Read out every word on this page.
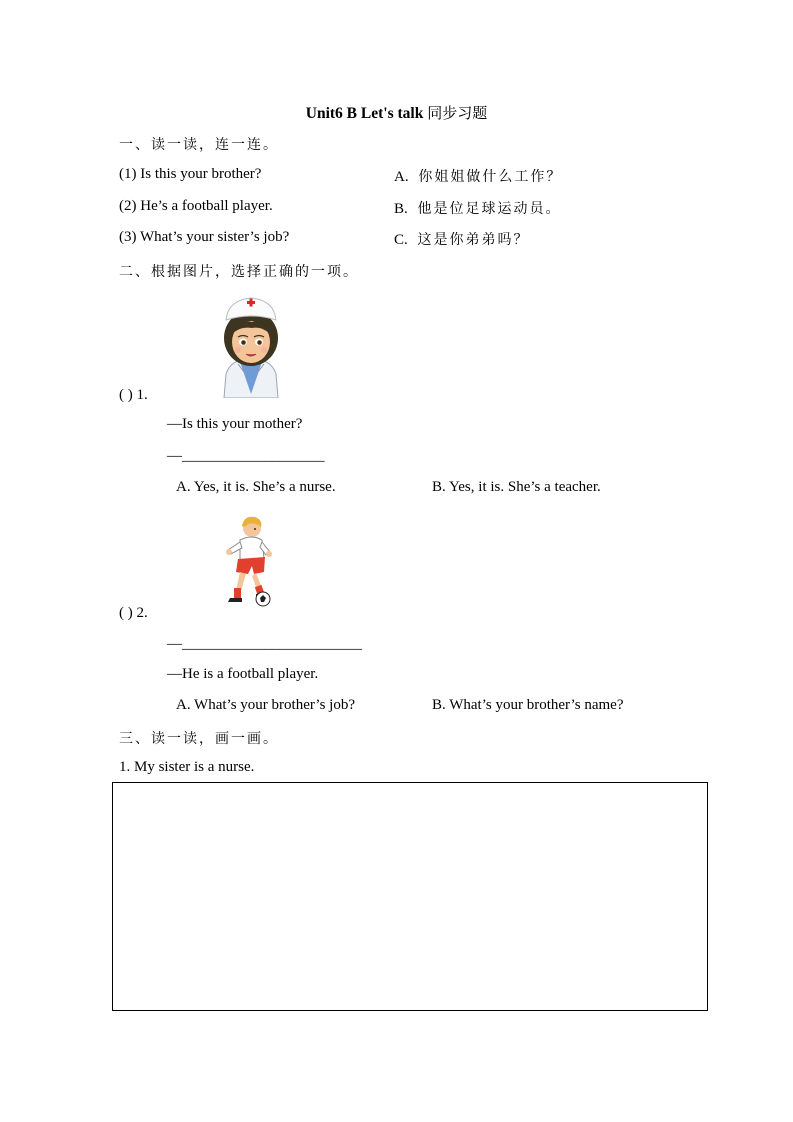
Unit6 B Let's talk 同步习题
一、读一读，连一连。
(1) Is this your brother?
(2) He’s a football player.
(3) What’s your sister’s job?
A. 你姐姐做什么工作？
B. 他是位足球运动员。
C. 这是你弟弟吗？
二、根据图片，选择正确的一项。
( ) 1.
—Is this your mother?
—___________________
A. Yes, it is. She’s a nurse.	B. Yes, it is. She’s a teacher.
( ) 2.
—________________________
—He is a football player.
A. What’s your brother’s job?	B. What’s your brother’s name?
三、读一读，画一画。
1. My sister is a nurse.
